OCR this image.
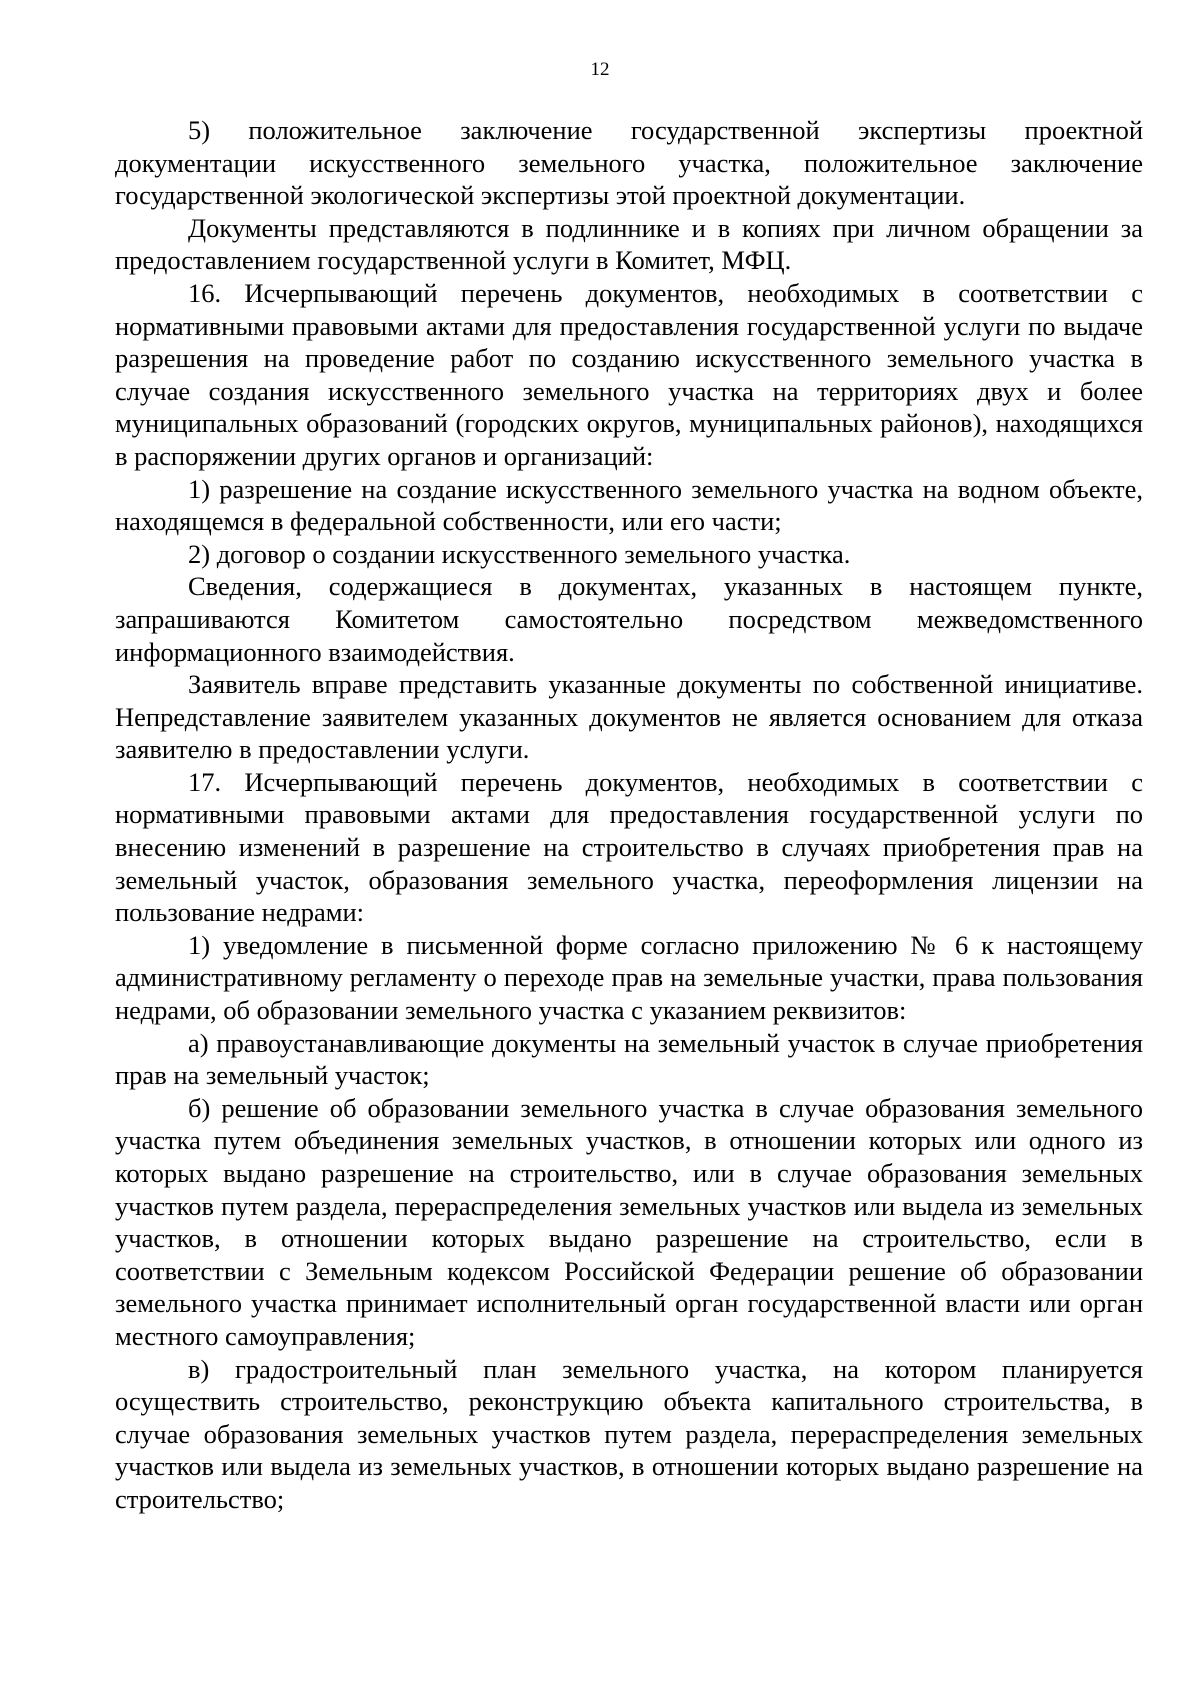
12

5) положительное заключение государственной экспертизы проектной документации искусственного земельного участка, положительное заключение государственной экологической экспертизы этой проектной документации.

Документы представляются в подлиннике и в копиях при личном обращении за предоставлением государственной услуги в Комитет, МФЦ.

16. Исчерпывающий перечень документов, необходимых в соответствии с нормативными правовыми актами для предоставления государственной услуги по выдаче разрешения на проведение работ по созданию искусственного земельного участка в случае создания искусственного земельного участка на территориях двух и более муниципальных образований (городских округов, муниципальных районов), находящихся в распоряжении других органов и организаций:

1) разрешение на создание искусственного земельного участка на водном объекте, находящемся в федеральной собственности, или его части;

2) договор о создании искусственного земельного участка.

Сведения, содержащиеся в документах, указанных в настоящем пункте, запрашиваются Комитетом самостоятельно посредством межведомственного информационного взаимодействия.

Заявитель вправе представить указанные документы по собственной инициативе. Непредставление заявителем указанных документов не является основанием для отказа заявителю в предоставлении услуги.

17. Исчерпывающий перечень документов, необходимых в соответствии с нормативными правовыми актами для предоставления государственной услуги по внесению изменений в разрешение на строительство в случаях приобретения прав на земельный участок, образования земельного участка, переоформления лицензии на пользование недрами:

1) уведомление в письменной форме согласно приложению № 6 к настоящему административному регламенту о переходе прав на земельные участки, права пользования недрами, об образовании земельного участка с указанием реквизитов:

а) правоустанавливающие документы на земельный участок в случае приобретения прав на земельный участок;

б) решение об образовании земельного участка в случае образования земельного участка путем объединения земельных участков, в отношении которых или одного из которых выдано разрешение на строительство, или в случае образования земельных участков путем раздела, перераспределения земельных участков или выдела из земельных участков, в отношении которых выдано разрешение на строительство, если в соответствии с Земельным кодексом Российской Федерации решение об образовании земельного участка принимает исполнительный орган государственной власти или орган местного самоуправления;

в) градостроительный план земельного участка, на котором планируется осуществить строительство, реконструкцию объекта капитального строительства, в случае образования земельных участков путем раздела, перераспределения земельных участков или выдела из земельных участков, в отношении которых выдано разрешение на строительство;
